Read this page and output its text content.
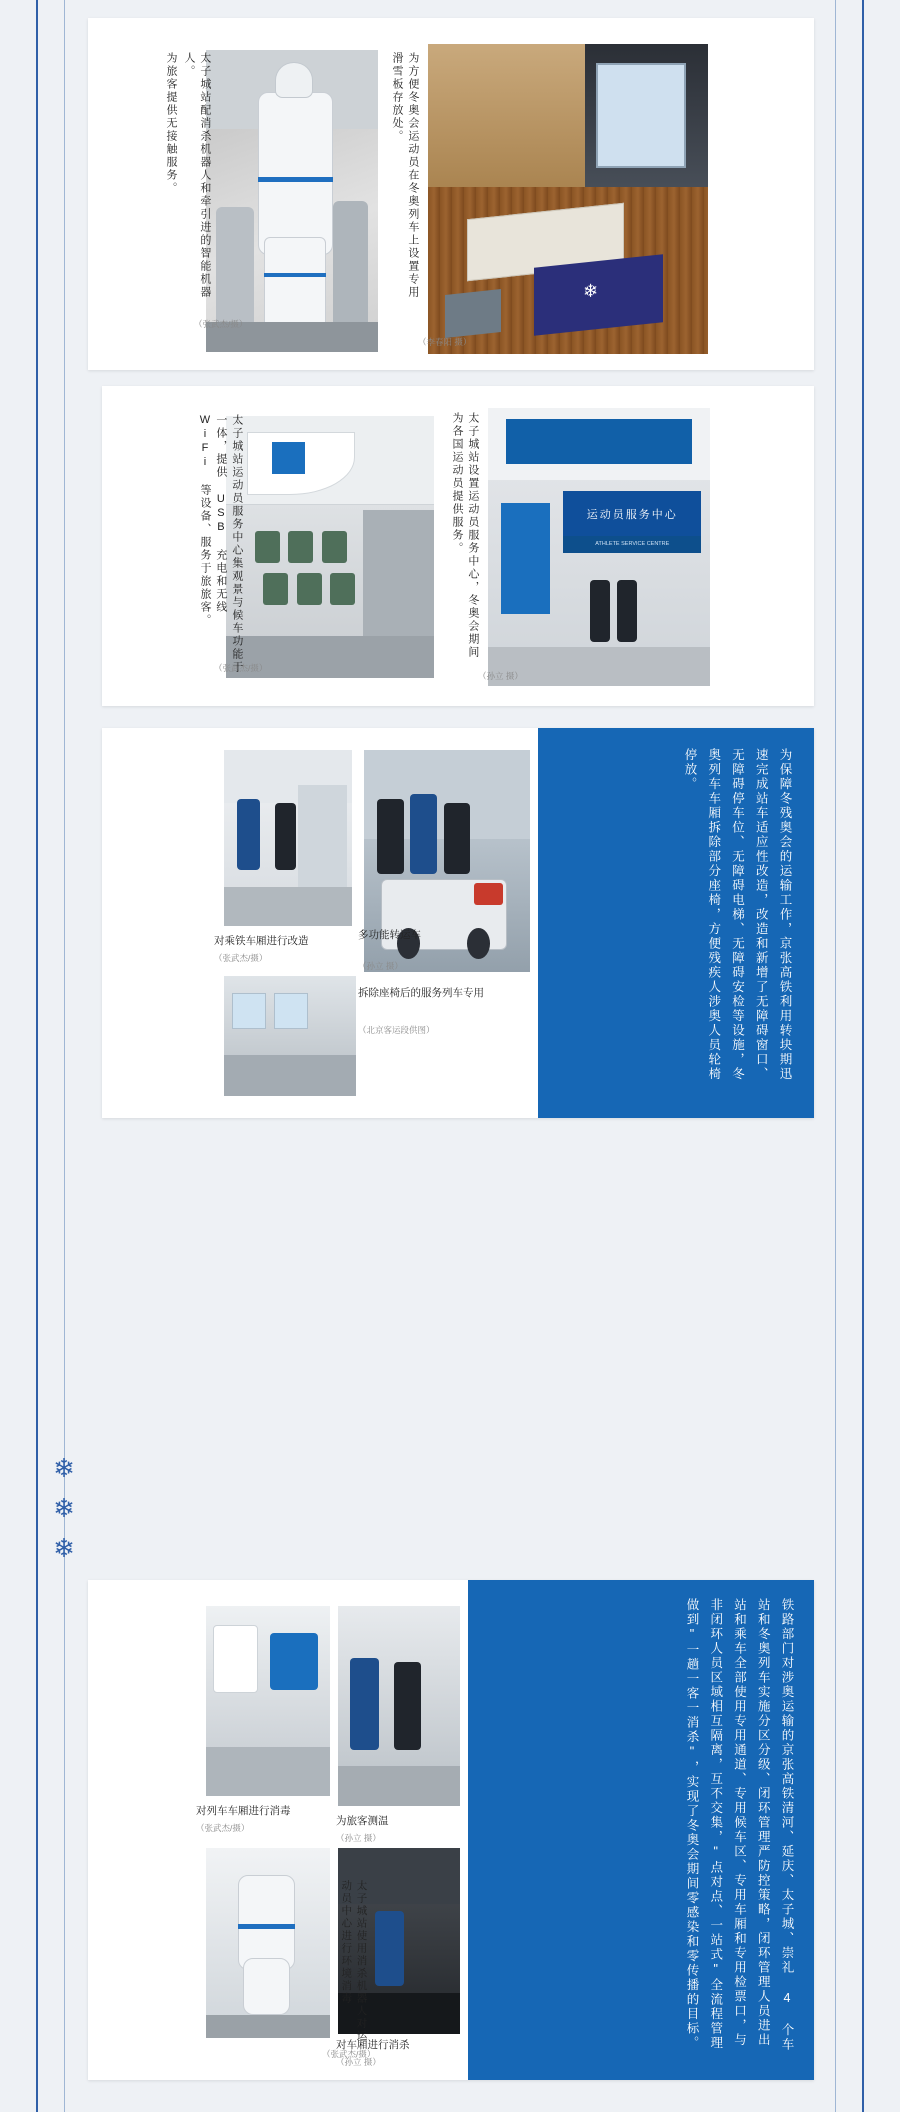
❄
❄
❄
❄
（李春阳 摄）
为方便冬奥会运动员在冬奥列车上设置专用滑雪板存放处。
（张武杰/摄）
太子城站配消杀机器人和牵引进的智能机器人。
为旅客提供无接触服务。
运动员服务中心
ATHLETE SERVICE CENTRE
（孙立 摄）
太子城站设置运动员服务中心，冬奥会期间为各国运动员提供服务。
（张武杰/摄）
太子城站运动员服务中心集观景与候车功能于一体，提供 USB 充电和无线 WiFi 等设备、服务于旅旅客。
为保障冬残奥会的运输工作，京张高铁利用转块期迅速完成站车适应性改造，改造和新增了无障碍窗口、无障碍停车位、无障碍电梯、无障碍安检等设施，冬奥列车车厢拆除部分座椅，方便残疾人涉奥人员轮椅停放。
对乘铁车厢进行改造
（张武杰/摄）
拆除座椅后的服务列车专用
（北京客运段供图）
多功能转运车
（孙立 摄）
铁路部门对涉奥运输的京张高铁清河、延庆、太子城、崇礼 4 个车站和冬奥列车实施分区分级、闭环管理严防控策略，闭环管理人员进出站和乘车全部使用专用通道、专用候车区、专用车厢和专用检票口，与非闭环人员区域相互隔离，互不交集，"点对点、一站式"全流程管理做到"一趟一客一消杀"，实现了冬奥会期间零感染和零传播的目标。
为旅客测温
（孙立 摄）
对车厢进行消杀
（孙立 摄）
对列车车厢进行消毒
（张武杰/摄）
太子城站使用消杀机器人对运动员中心进行环境消毒
（张武杰/摄）
